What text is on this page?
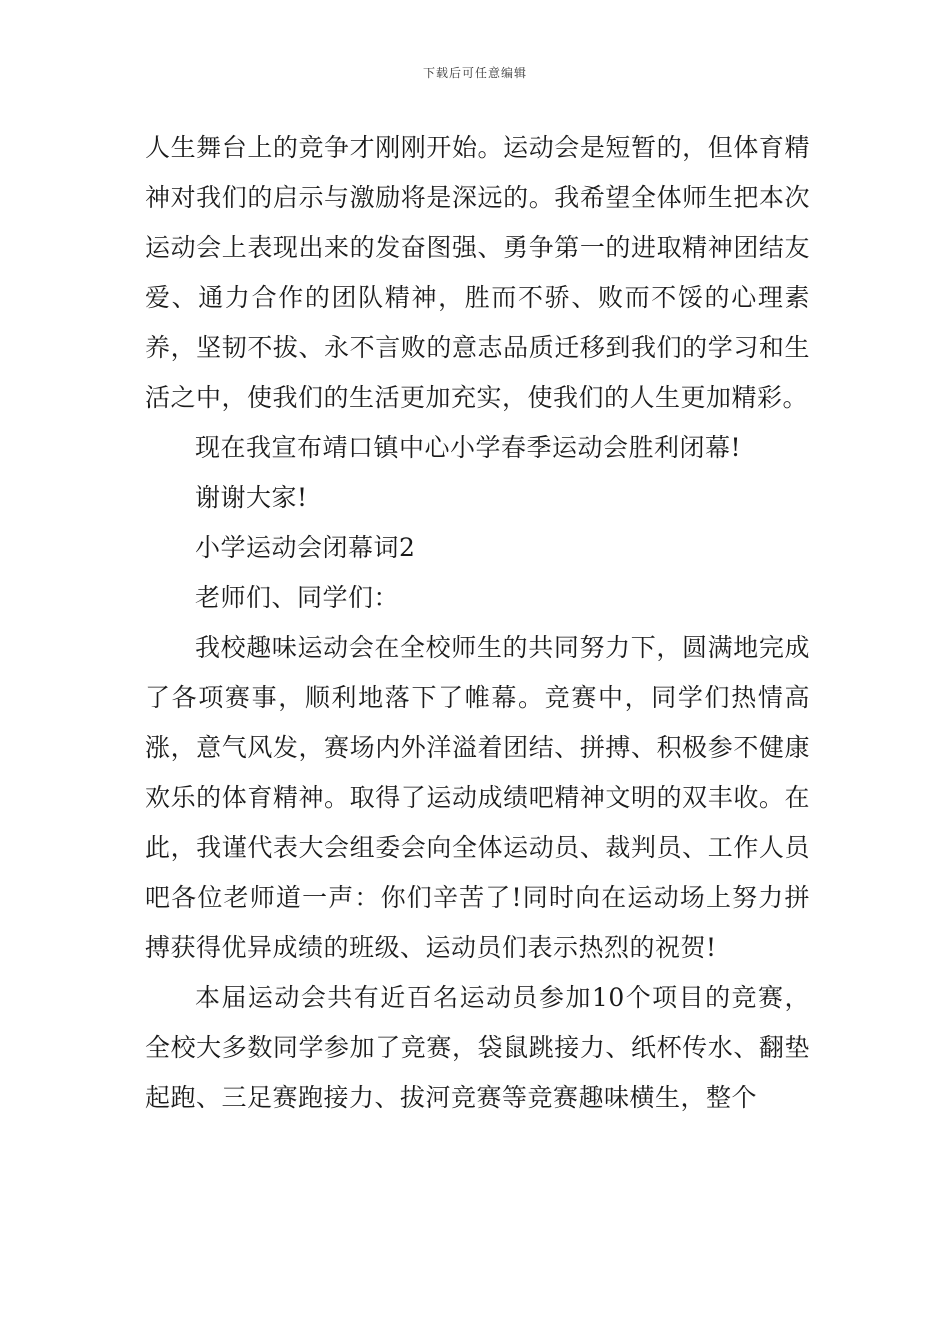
下载后可任意编辑

人生舞台上的竞争才刚刚开始。运动会是短暂的，但体育精神对我们的启示与激励将是深远的。我希望全体师生把本次运动会上表现出来的发奋图强、勇争第一的进取精神团结友爱、通力合作的团队精神，胜而不骄、败而不馁的心理素养，坚韧不拔、永不言败的意志品质迁移到我们的学习和生活之中，使我们的生活更加充实，使我们的人生更加精彩。

现在我宣布靖口镇中心小学春季运动会胜利闭幕!

谢谢大家!

小学运动会闭幕词2

老师们、同学们：

我校趣味运动会在全校师生的共同努力下，圆满地完成了各项赛事，顺利地落下了帷幕。竞赛中，同学们热情高涨，意气风发，赛场内外洋溢着团结、拼搏、积极参不健康欢乐的体育精神。取得了运动成绩吧精神文明的双丰收。在此，我谨代表大会组委会向全体运动员、裁判员、工作人员吧各位老师道一声：你们辛苦了!同时向在运动场上努力拼搏获得优异成绩的班级、运动员们表示热烈的祝贺!

本届运动会共有近百名运动员参加10个项目的竞赛，全校大多数同学参加了竞赛，袋鼠跳接力、纸杯传水、翻垫起跑、三足赛跑接力、拔河竞赛等竞赛趣味横生，整个
